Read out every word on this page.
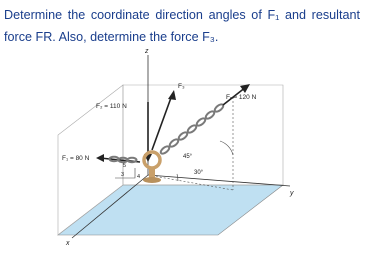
Determine the coordinate direction angles of F₁ and resultant force FR. Also, determine the force F₃.

F₂ = 110 N
Fᵣ = 120 N
F₁ = 80 N
F₃
45°
30°
x
y
z
3 4
5
